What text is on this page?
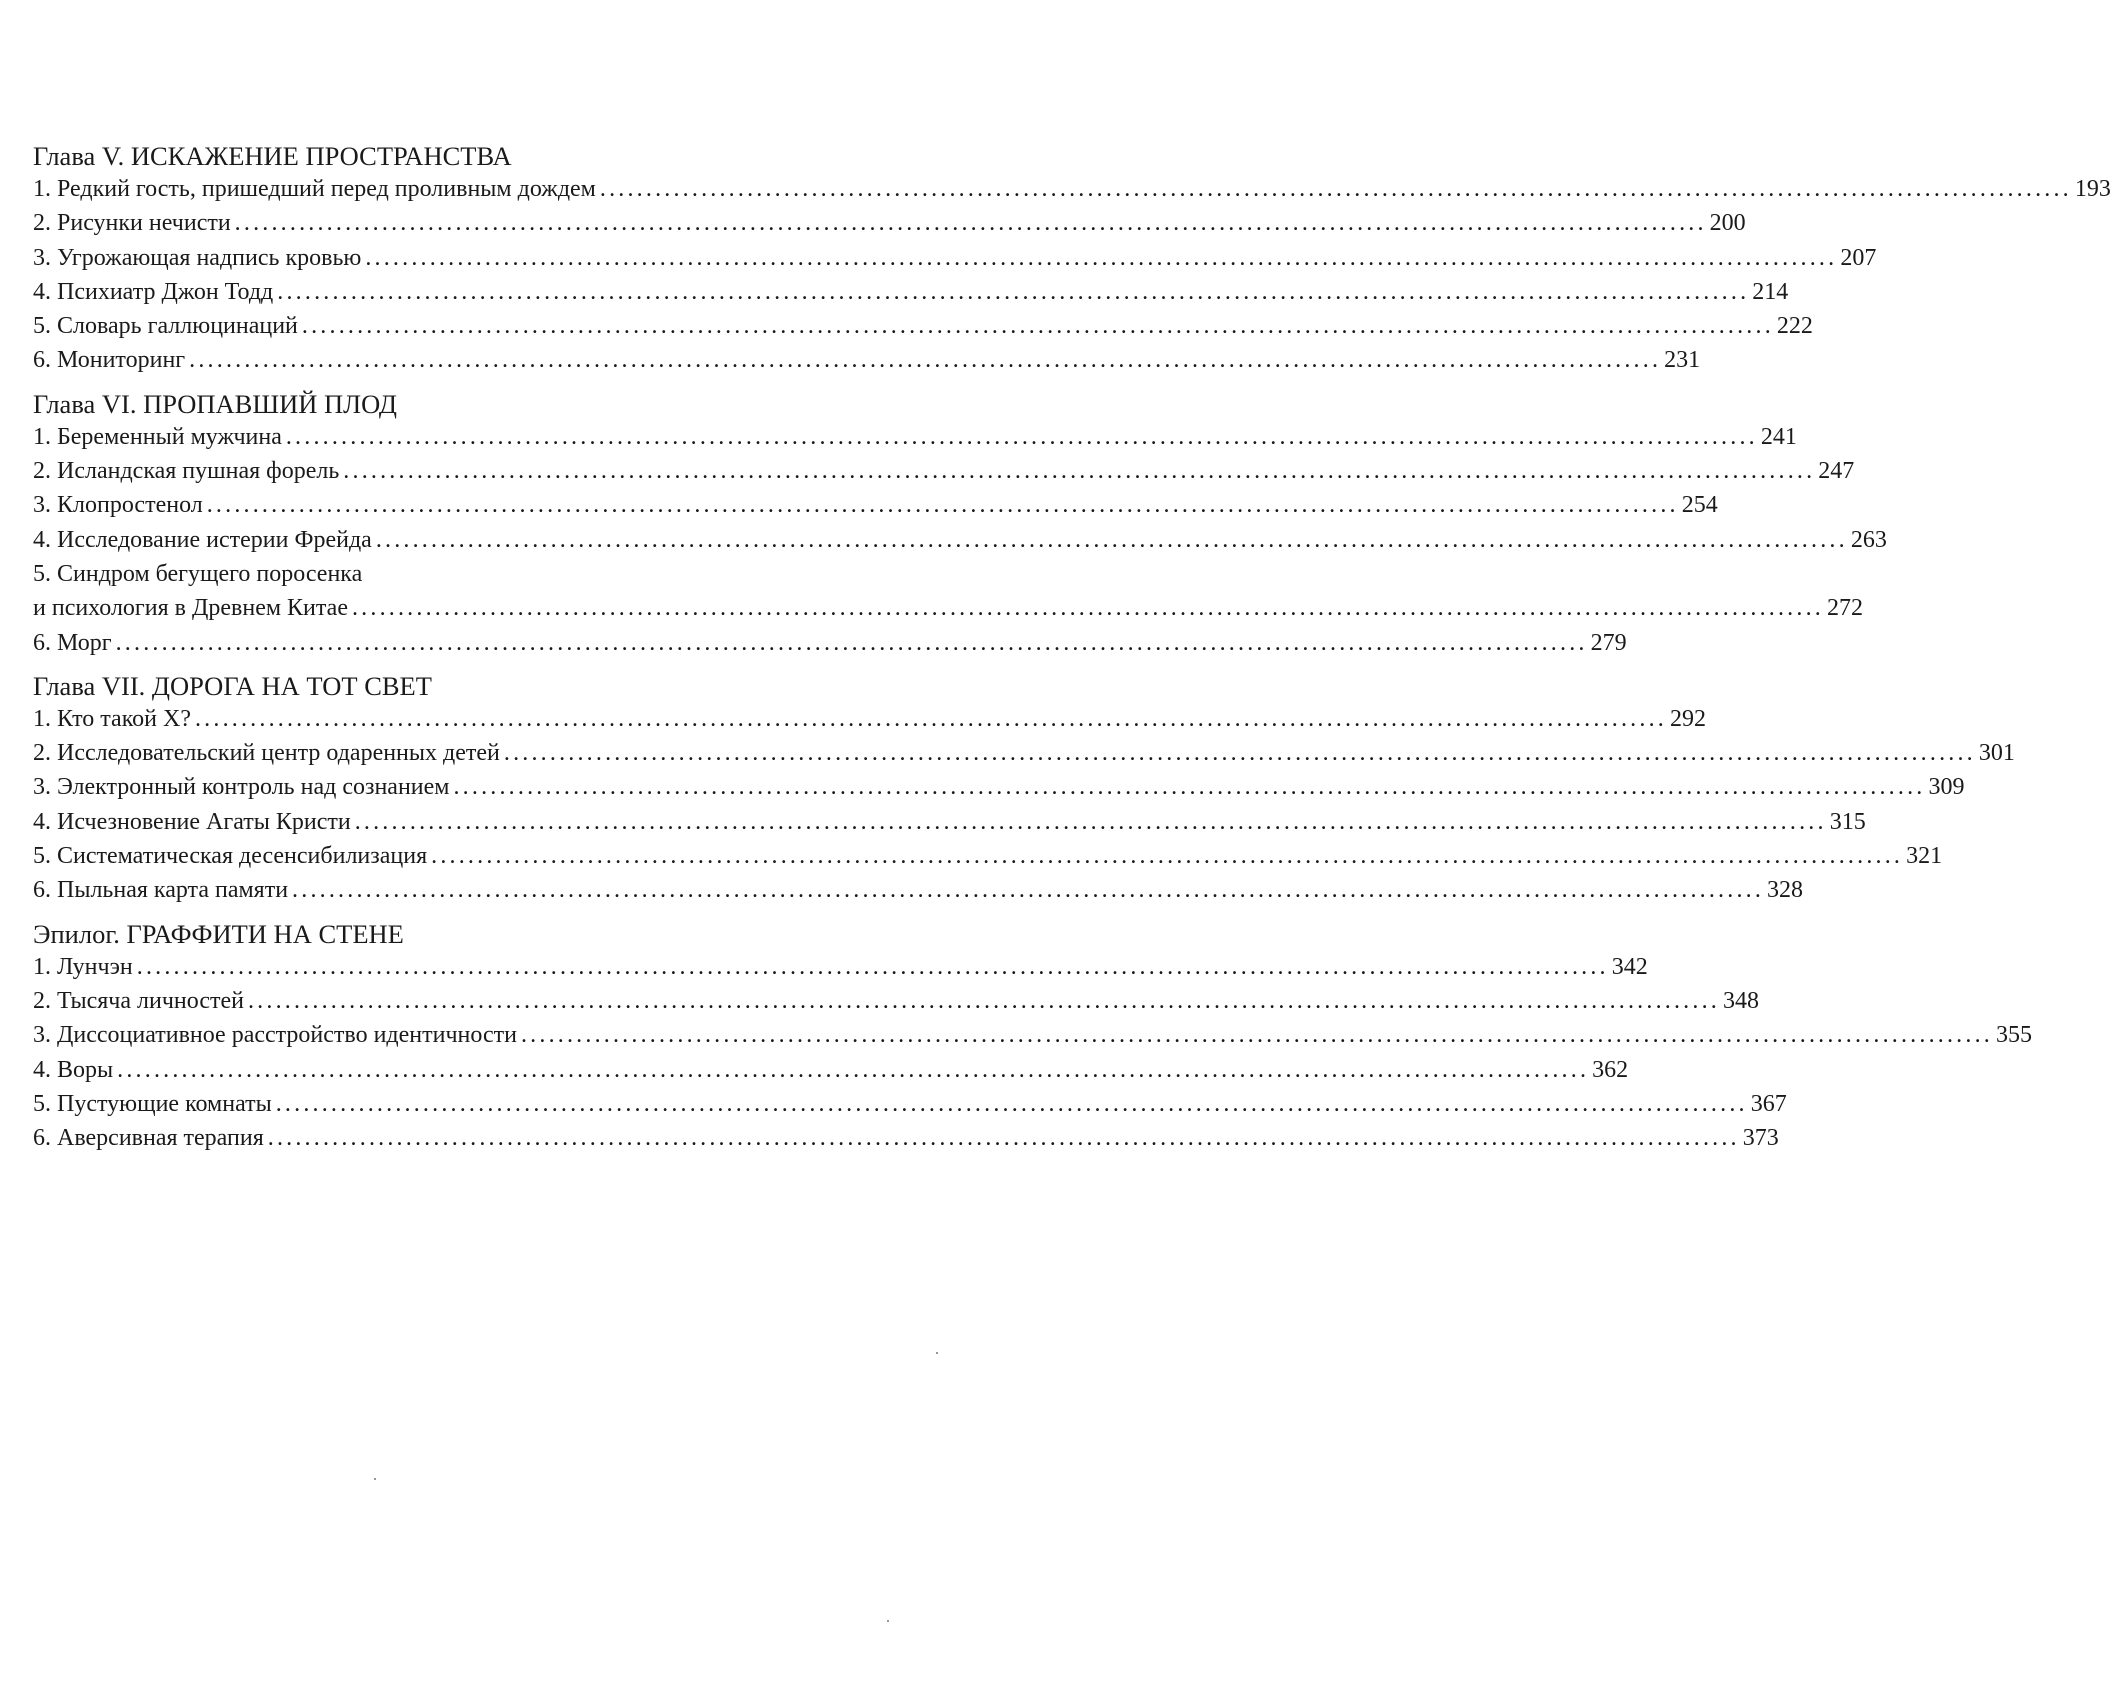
Глава V. ИСКАЖЕНИЕ ПРОСТРАНСТВА
1. Редкий гость, пришедший перед проливным дождем ................................................................................................................................................................ 193
2. Рисунки нечисти ................................................................................................................................................................ 200
3. Угрожающая надпись кровью ................................................................................................................................................................ 207
4. Психиатр Джон Тодд ................................................................................................................................................................ 214
5. Словарь галлюцинаций ................................................................................................................................................................ 222
6. Мониторинг ................................................................................................................................................................ 231
Глава VI. ПРОПАВШИЙ ПЛОД
1. Беременный мужчина ................................................................................................................................................................ 241
2. Исландская пушная форель ................................................................................................................................................................ 247
3. Клопростенол ................................................................................................................................................................ 254
4. Исследование истерии Фрейда ................................................................................................................................................................ 263
5. Синдром бегущего поросенка
и психология в Древнем Китае ................................................................................................................................................................ 272
6. Морг ................................................................................................................................................................ 279
Глава VII. ДОРОГА НА ТОТ СВЕТ
1. Кто такой X? ................................................................................................................................................................ 292
2. Исследовательский центр одаренных детей ................................................................................................................................................................ 301
3. Электронный контроль над сознанием ................................................................................................................................................................ 309
4. Исчезновение Агаты Кристи ................................................................................................................................................................ 315
5. Систематическая десенсибилизация ................................................................................................................................................................ 321
6. Пыльная карта памяти ................................................................................................................................................................ 328
Эпилог. ГРАФФИТИ НА СТЕНЕ
1. Лунчэн ................................................................................................................................................................ 342
2. Тысяча личностей ................................................................................................................................................................ 348
3. Диссоциативное расстройство идентичности ................................................................................................................................................................ 355
4. Воры ................................................................................................................................................................ 362
5. Пустующие комнаты ................................................................................................................................................................ 367
6. Аверсивная терапия ................................................................................................................................................................ 373
